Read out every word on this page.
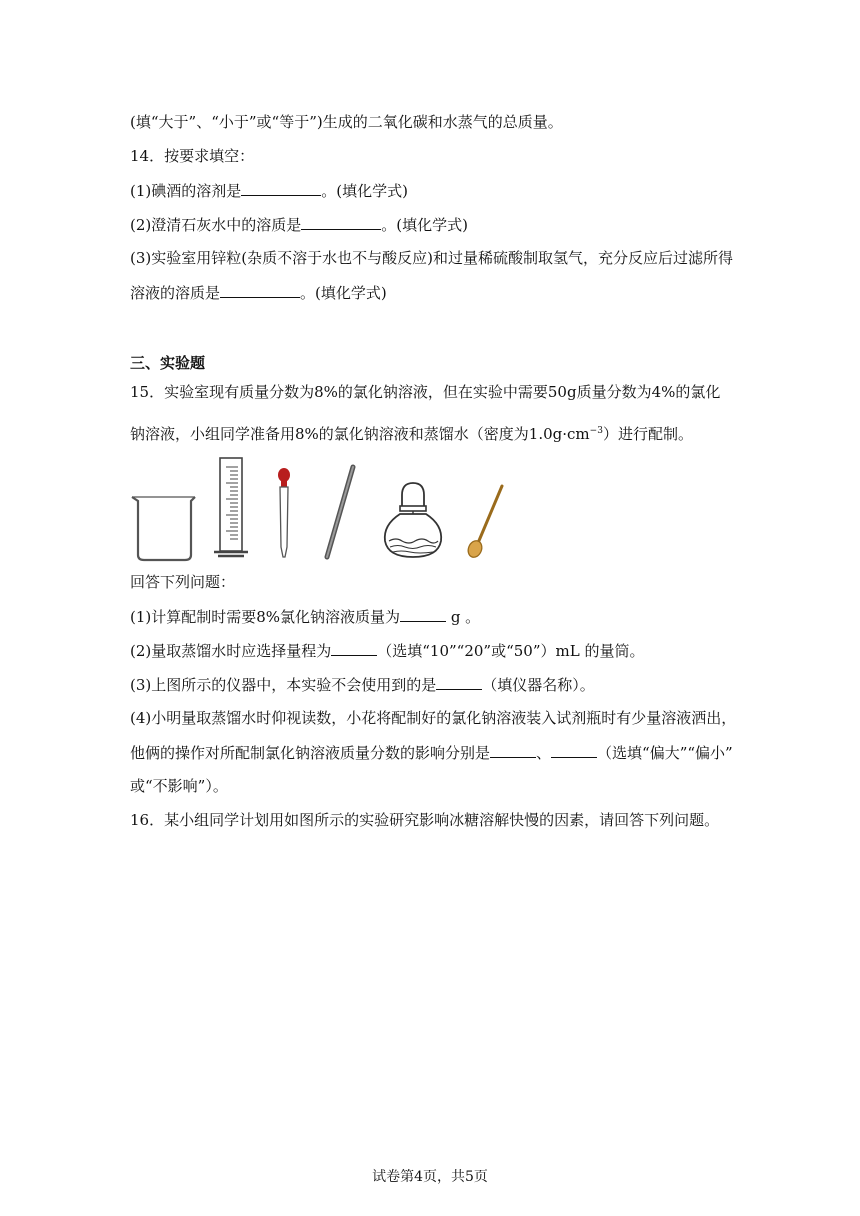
(填“大于”、“小于”或“等于”)生成的二氧化碳和水蒸气的总质量。
14．按要求填空：
(1)碘酒的溶剂是	。(填化学式)
(2)澄清石灰水中的溶质是	。(填化学式)
(3)实验室用锌粒(杂质不溶于水也不与酸反应)和过量稀硫酸制取氢气，充分反应后过滤所得
溶液的溶质是	。(填化学式)
三、实验题
15．实验室现有质量分数为8%的氯化钠溶液，但在实验中需要50g质量分数为4%的氯化
钠溶液，小组同学准备用8%的氯化钠溶液和蒸馏水（密度为$1.0g\cdot cm^{-3}$）进行配制。
回答下列问题：
(1)计算配制时需要8%氯化钠溶液质量为	g 。
(2)量取蒸馏水时应选择量程为	（选填“10”“20”或“50”）mL 的量筒。
(3)上图所示的仪器中，本实验不会使用到的是	（填仪器名称）。
(4)小明量取蒸馏水时仰视读数，小花将配制好的氯化钠溶液装入试剂瓶时有少量溶液洒出，
他俩的操作对所配制氯化钠溶液质量分数的影响分别是	、	（选填“偏大”“偏小”
或“不影响”）。
16．某小组同学计划用如图所示的实验研究影响冰糖溶解快慢的因素，请回答下列问题。
试卷第4页，共5页
